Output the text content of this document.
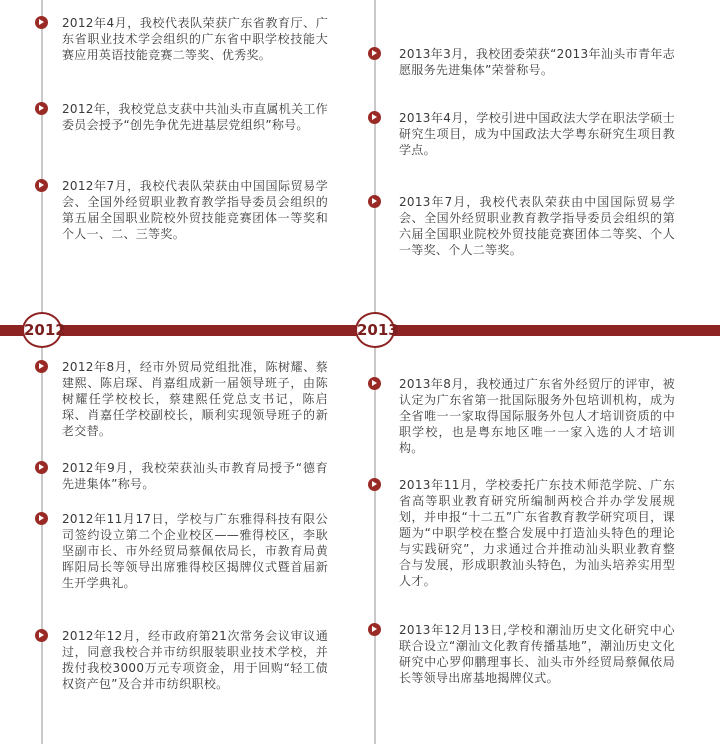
2012	2013
2012年4月，我校代表队荣获广东省教育厅、广东省职业技术学会组织的广东省中职学校技能大赛应用英语技能竞赛二等奖、优秀奖。
2012年，我校党总支获中共汕头市直属机关工作委员会授予“创先争优先进基层党组织”称号。
2012年7月，我校代表队荣获由中国国际贸易学会、全国外经贸职业教育教学指导委员会组织的第五届全国职业院校外贸技能竞赛团体一等奖和个人一、二、三等奖。
2013年3月，我校团委荣获“2013年汕头市青年志愿服务先进集体”荣誉称号。
2013年4月，学校引进中国政法大学在职法学硕士研究生项目，成为中国政法大学粤东研究生项目教学点。
2013年7月，我校代表队荣获由中国国际贸易学会、全国外经贸职业教育教学指导委员会组织的第六届全国职业院校外贸技能竞赛团体二等奖、个人一等奖、个人二等奖。
2012年8月，经市外贸局党组批准，陈树耀、蔡建熙、陈启琛、肖嘉组成新一届领导班子，由陈树耀任学校校长，蔡建熙任党总支书记，陈启琛、肖嘉任学校副校长，顺利实现领导班子的新老交替。
2012年9月，我校荣获汕头市教育局授予“德育先进集体”称号。
2012年11月17日，学校与广东雅得科技有限公司签约设立第二个企业校区——雅得校区，李耿坚副市长、市外经贸局蔡佩依局长，市教育局黄晖阳局长等领导出席雅得校区揭牌仪式暨首届新生开学典礼。
2012年12月，经市政府第21次常务会议审议通过，同意我校合并市纺织服装职业技术学校，并拨付我校3000万元专项资金，用于回购“轻工债权资产包”及合并市纺织职校。
2013年8月，我校通过广东省外经贸厅的评审，被认定为广东省第一批国际服务外包培训机构，成为全省唯一一家取得国际服务外包人才培训资质的中职学校，也是粤东地区唯一一家入选的人才培训构。
2013年11月，学校委托广东技术师范学院、广东省高等职业教育研究所编制两校合并办学发展规划，并申报“十二五”广东省教育教学研究项目，课题为“中职学校在整合发展中打造汕头特色的理论与实践研究”，力求通过合并推动汕头职业教育整合与发展，形成职教汕头特色，为汕头培养实用型人才。
2013年12月13日,学校和潮汕历史文化研究中心联合设立“潮汕文化教育传播基地”，潮汕历史文化研究中心罗仰鹏理事长、汕头市外经贸局蔡佩依局长等领导出席基地揭牌仪式。
